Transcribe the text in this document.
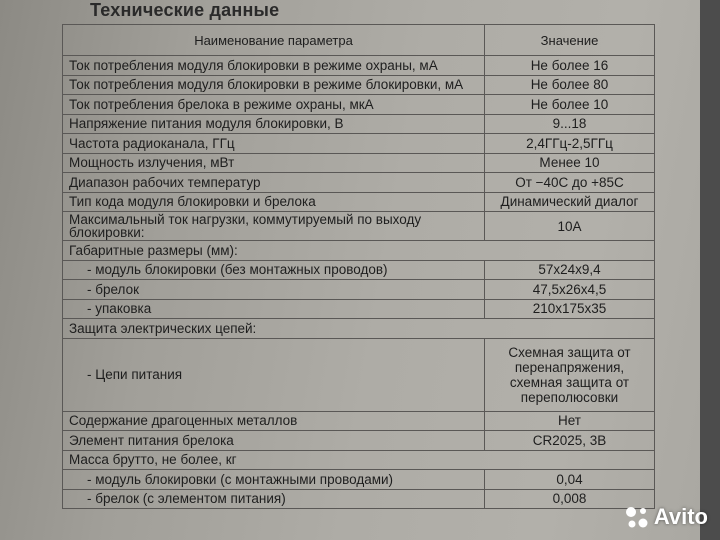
Технические данные
Наименование параметра	Значение
Ток потребления модуля блокировки в режиме охраны, мА	Не более 16
Ток потребления модуля блокировки в режиме блокировки, мА	Не более 80
Ток потребления брелока в режиме охраны, мкА	Не более 10
Напряжение питания модуля блокировки, В	9...18
Частота радиоканала, ГГц	2,4ГГц-2,5ГГц
Мощность излучения, мВт	Менее 10
Диапазон рабочих температур	От −40С до +85С
Тип кода модуля блокировки и брелока	Динамический диалог
Максимальный ток нагрузки, коммутируемый по выходу блокировки:	10А
Габаритные размеры (мм):	
- модуль блокировки (без монтажных проводов)	57x24x9,4
- брелок	47,5x26x4,5
- упаковка	210x175x35
Защита электрических цепей:	
- Цепи питания	Схемная защита от перенапряжения, схемная защита от переполюсовки
Содержание драгоценных металлов	Нет
Элемент питания брелока	CR2025, 3В
Масса брутто, не более, кг	
- модуль блокировки (с монтажными проводами)	0,04
- брелок (с элементом питания)	0,008
Avito
